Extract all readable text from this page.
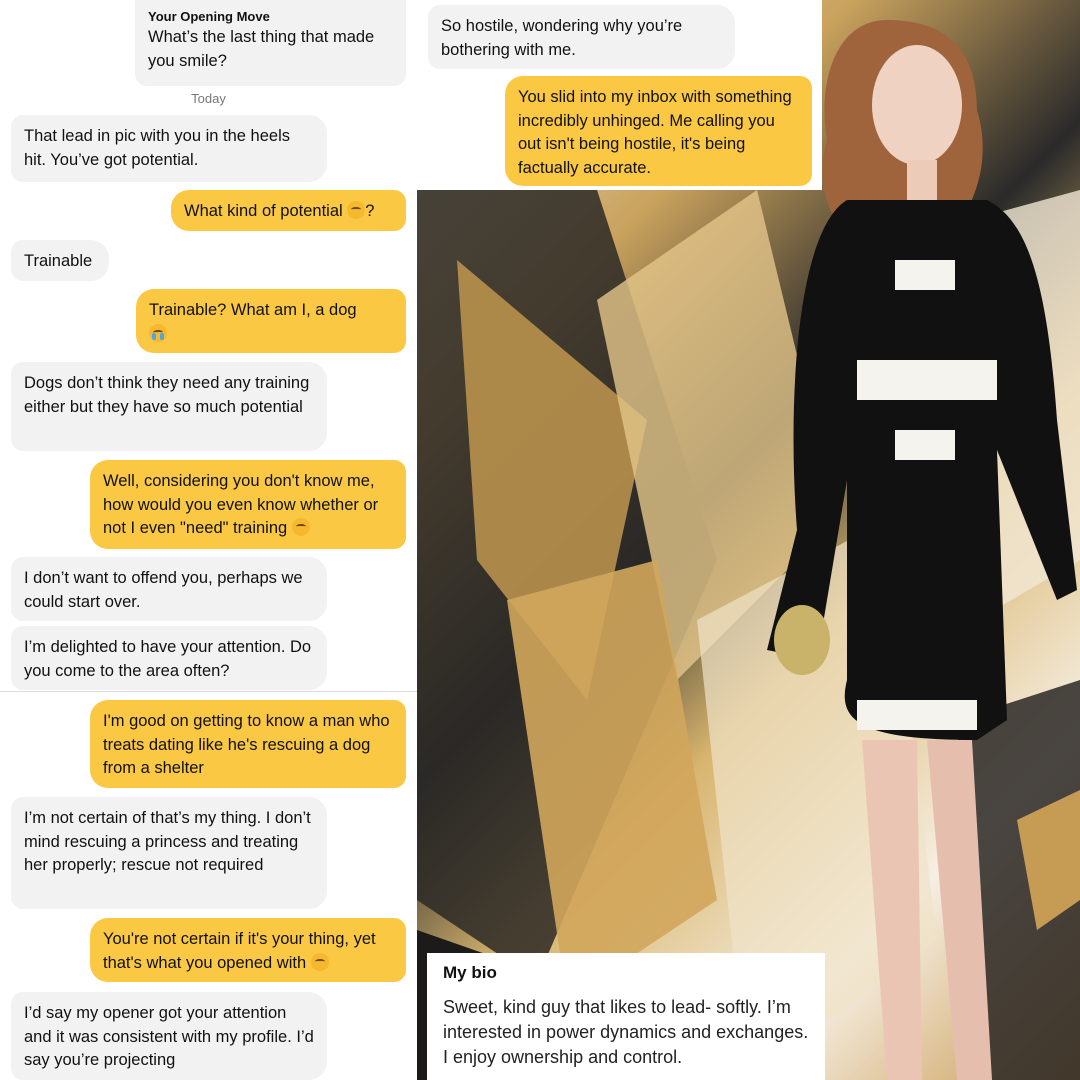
Your Opening Move
What’s the last thing that made you smile?
Today
That lead in pic with you in the heels hit. You’ve got potential.
What kind of potential ?
Trainable
Trainable? What am I, a dog

Dogs don’t think they need any training either but they have so much potential
Well, considering you don't know me, how would you even know whether or not I even "need" training
I don’t want to offend you, perhaps we could start over.
I’m delighted to have your attention. Do you come to the area often?
I'm good on getting to know a man who treats dating like he's rescuing a dog from a shelter
I’m not certain of that’s my thing. I don’t mind rescuing a princess and treating her properly; rescue not required
You're not certain if it's your thing, yet that's what you opened with
I’d say my opener got your attention and it was consistent with my profile. I’d say you’re projecting
So hostile, wondering why you’re bothering with me.
You slid into my inbox with something incredibly unhinged. Me calling you out isn't being hostile, it's being factually accurate.
My bio

Sweet, kind guy that likes to lead- softly. I’m interested in power dynamics and exchanges. I enjoy ownership and control.
